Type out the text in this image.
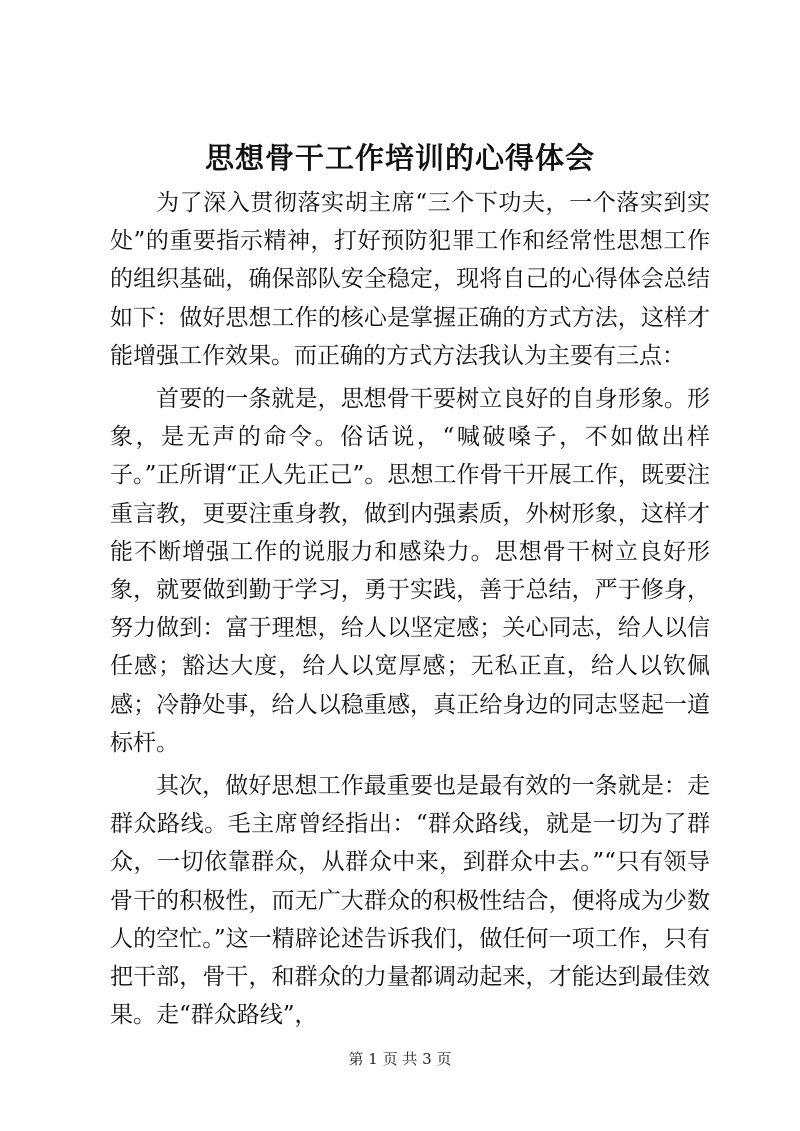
思想骨干工作培训的心得体会

为了深入贯彻落实胡主席“三个下功夫，一个落实到实处”的重要指示精神，打好预防犯罪工作和经常性思想工作的组织基础，确保部队安全稳定，现将自己的心得体会总结如下：做好思想工作的核心是掌握正确的方式方法，这样才能增强工作效果。而正确的方式方法我认为主要有三点：

首要的一条就是，思想骨干要树立良好的自身形象。形象，是无声的命令。俗话说，“喊破嗓子，不如做出样子。”正所谓“正人先正己”。思想工作骨干开展工作，既要注重言教，更要注重身教，做到内强素质，外树形象，这样才能不断增强工作的说服力和感染力。思想骨干树立良好形象，就要做到勤于学习，勇于实践，善于总结，严于修身，努力做到：富于理想，给人以坚定感；关心同志，给人以信任感；豁达大度，给人以宽厚感；无私正直，给人以钦佩感；冷静处事，给人以稳重感，真正给身边的同志竖起一道标杆。

其次，做好思想工作最重要也是最有效的一条就是：走群众路线。毛主席曾经指出：“群众路线，就是一切为了群众，一切依靠群众，从群众中来，到群众中去。”“只有领导骨干的积极性，而无广大群众的积极性结合，便将成为少数人的空忙。”这一精辟论述告诉我们，做任何一项工作，只有把干部，骨干，和群众的力量都调动起来，才能达到最佳效果。走“群众路线”，

第 1 页 共 3 页
